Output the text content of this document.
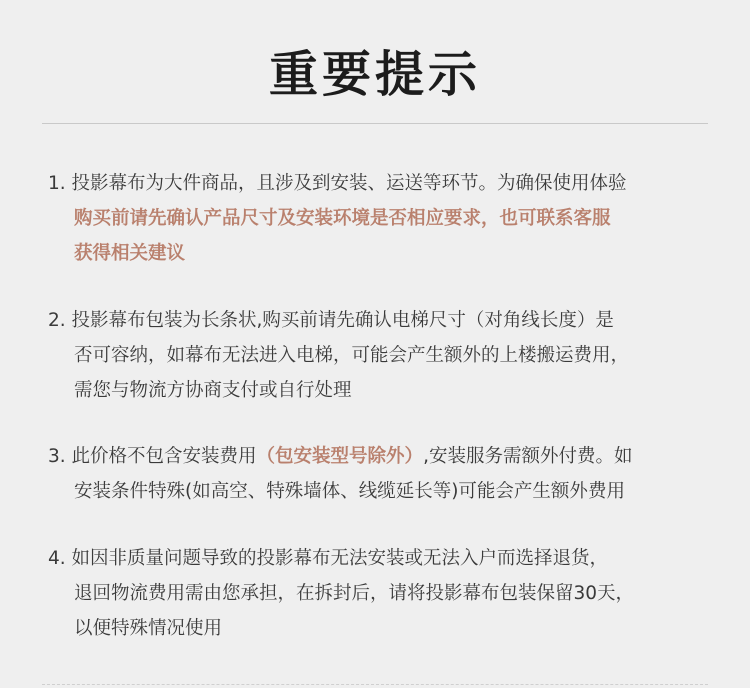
重要提示
1. 投影幕布为大件商品，且涉及到安装、运送等环节。为确保使用体验
购买前请先确认产品尺寸及安装环境是否相应要求，也可联系客服
获得相关建议
2. 投影幕布包装为长条状,购买前请先确认电梯尺寸（对角线长度）是
否可容纳，如幕布无法进入电梯，可能会产生额外的上楼搬运费用，
需您与物流方协商支付或自行处理
3. 此价格不包含安装费用（包安装型号除外）,安装服务需额外付费。如
安装条件特殊(如高空、特殊墙体、线缆延长等)可能会产生额外费用
4. 如因非质量问题导致的投影幕布无法安装或无法入户而选择退货，
退回物流费用需由您承担，在拆封后，请将投影幕布包装保留30天，
以便特殊情况使用
